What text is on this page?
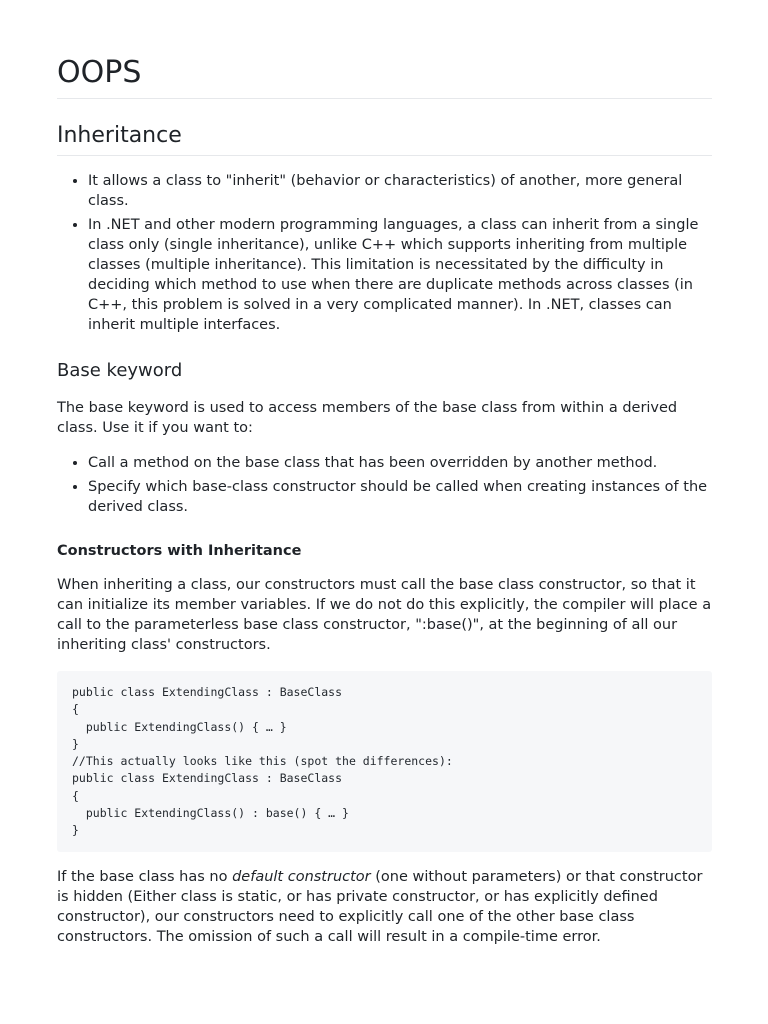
OOPS
Inheritance
• It allows a class to "inherit" (behavior or characteristics) of another, more general class.
• In .NET and other modern programming languages, a class can inherit from a single class only (single inheritance), unlike C++ which supports inheriting from multiple classes (multiple inheritance). This limitation is necessitated by the difficulty in deciding which method to use when there are duplicate methods across classes (in C++, this problem is solved in a very complicated manner). In .NET, classes can inherit multiple interfaces.
Base keyword

The base keyword is used to access members of the base class from within a derived class. Use it if you want to:

• Call a method on the base class that has been overridden by another method.
• Specify which base-class constructor should be called when creating instances of the derived class.
Constructors with Inheritance

When inheriting a class, our constructors must call the base class constructor, so that it can initialize its member variables. If we do not do this explicitly, the compiler will place a call to the parameterless base class constructor, ":base()", at the beginning of all our inheriting class' constructors.

public class ExtendingClass : BaseClass
{
public ExtendingClass() { … }
}
//This actually looks like this (spot the differences):
public class ExtendingClass : BaseClass
{
public ExtendingClass() : base() { … }
}

If the base class has no default constructor (one without parameters) or that constructor is hidden (Either class is static, or has private constructor, or has explicitly defined constructor), our constructors need to explicitly call one of the other base class constructors. The omission of such a call will result in a compile-time error.
